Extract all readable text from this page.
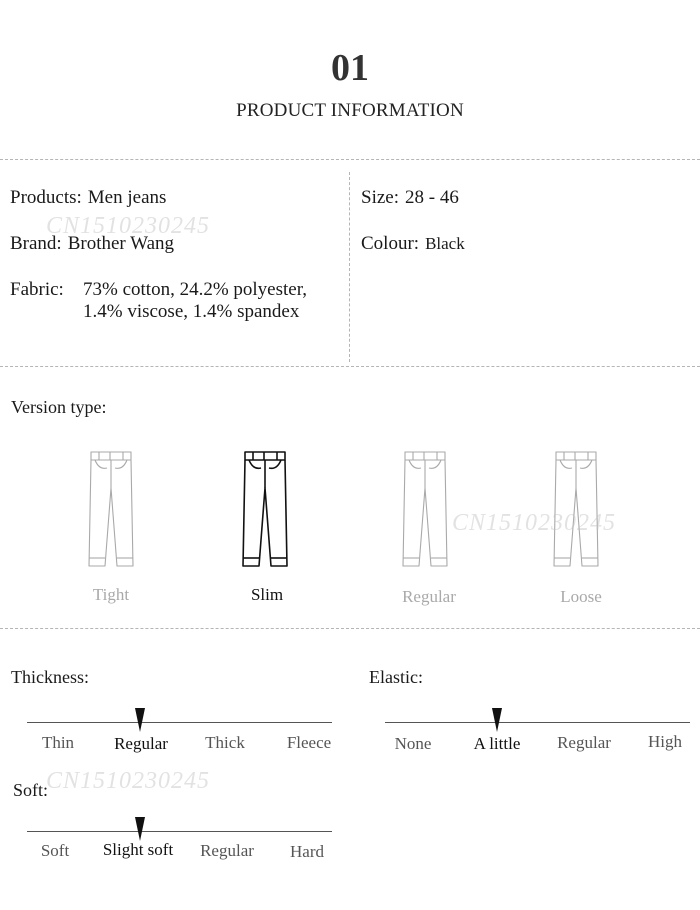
01
PRODUCT INFORMATION
Products: Men jeans
Brand: Brother Wang
Fabric: 73% cotton, 24.2% polyester,
1.4% viscose, 1.4% spandex
Size: 28 - 46
Colour: Black
Version type:
Tight	Slim	Regular	Loose
Thickness:
Thin Regular Thick Fleece
Elastic:
None A little Regular High
Soft:
Soft Slight soft Regular Hard
CN1510230245
CN1510230245
CN1510230245
